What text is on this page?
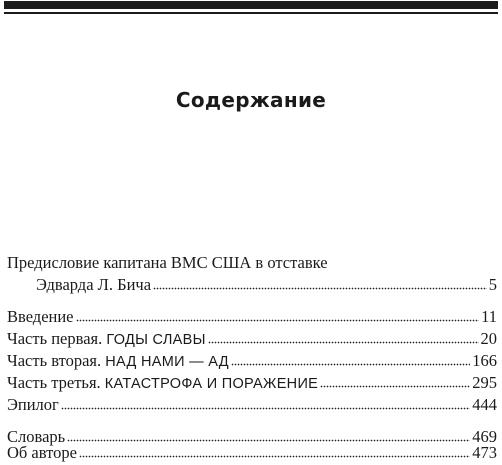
Содержание
Предисловие капитана ВМС США в отставке
Эдварда Л. Бича	5
Введение	11
Часть первая. ГОДЫ СЛАВЫ	20
Часть вторая. НАД НАМИ — АД	166
Часть третья. КАТАСТРОФА И ПОРАЖЕНИЕ	295
Эпилог	444
Словарь	469
Об авторе	473
